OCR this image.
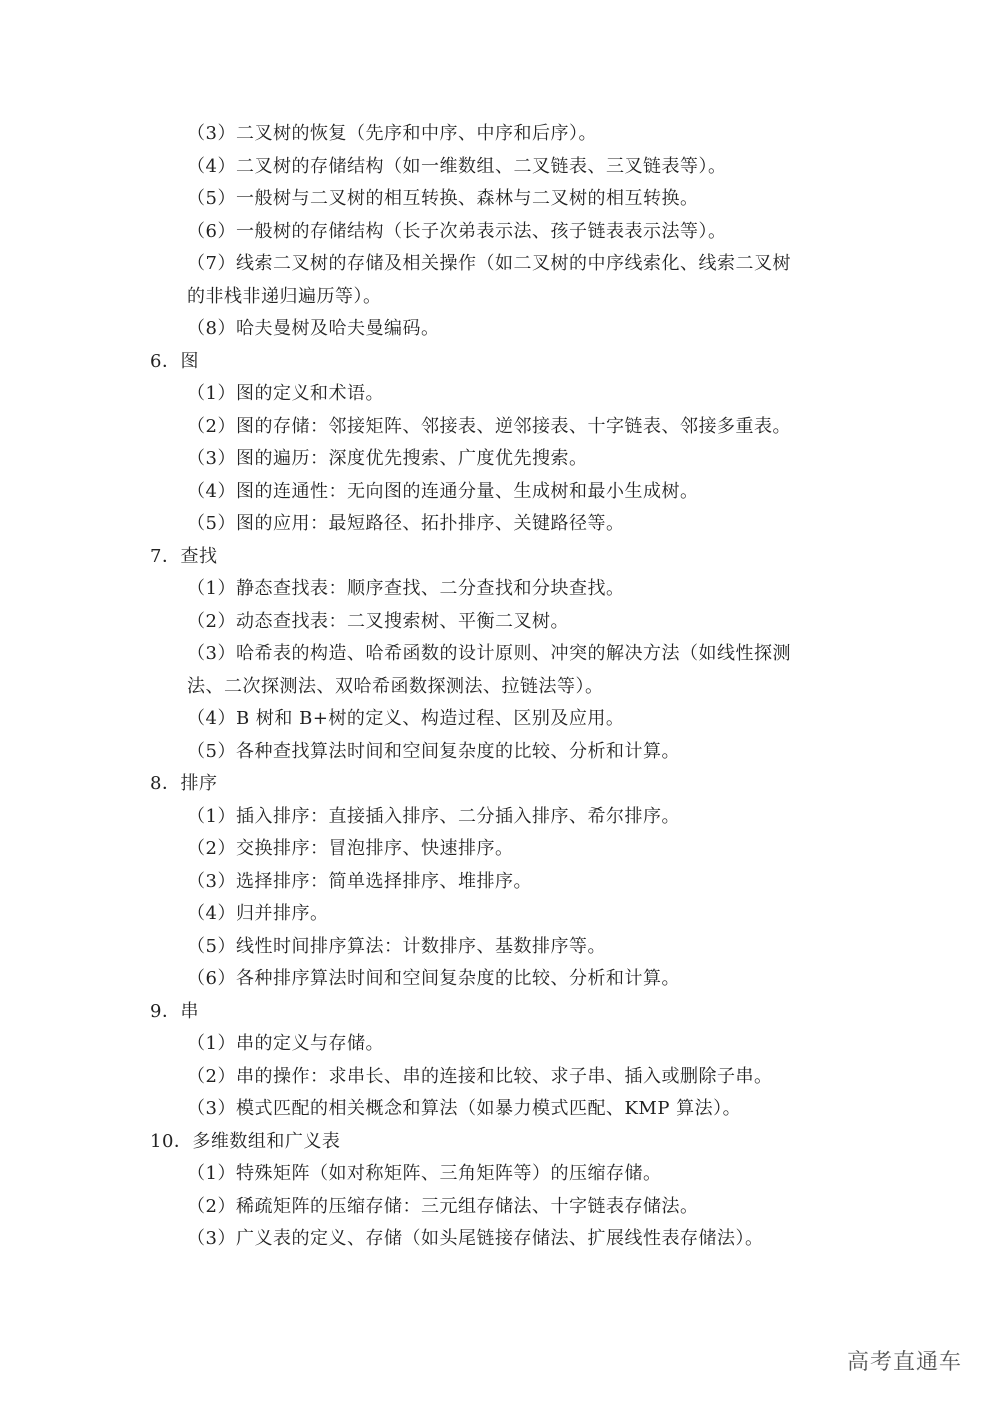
（3）二叉树的恢复（先序和中序、中序和后序）。
（4）二叉树的存储结构（如一维数组、二叉链表、三叉链表等）。
（5）一般树与二叉树的相互转换、森林与二叉树的相互转换。
（6）一般树的存储结构（长子次弟表示法、孩子链表表示法等）。
（7）线索二叉树的存储及相关操作（如二叉树的中序线索化、线索二叉树
的非栈非递归遍历等）。
（8）哈夫曼树及哈夫曼编码。
6．图
（1）图的定义和术语。
（2）图的存储：邻接矩阵、邻接表、逆邻接表、十字链表、邻接多重表。
（3）图的遍历：深度优先搜索、广度优先搜索。
（4）图的连通性：无向图的连通分量、生成树和最小生成树。
（5）图的应用：最短路径、拓扑排序、关键路径等。
7．查找
（1）静态查找表：顺序查找、二分查找和分块查找。
（2）动态查找表：二叉搜索树、平衡二叉树。
（3）哈希表的构造、哈希函数的设计原则、冲突的解决方法（如线性探测
法、二次探测法、双哈希函数探测法、拉链法等）。
（4）B 树和 B+树的定义、构造过程、区别及应用。
（5）各种查找算法时间和空间复杂度的比较、分析和计算。
8．排序
（1）插入排序：直接插入排序、二分插入排序、希尔排序。
（2）交换排序：冒泡排序、快速排序。
（3）选择排序：简单选择排序、堆排序。
（4）归并排序。
（5）线性时间排序算法：计数排序、基数排序等。
（6）各种排序算法时间和空间复杂度的比较、分析和计算。
9．串
（1）串的定义与存储。
（2）串的操作：求串长、串的连接和比较、求子串、插入或删除子串。
（3）模式匹配的相关概念和算法（如暴力模式匹配、KMP 算法）。
10．多维数组和广义表
（1）特殊矩阵（如对称矩阵、三角矩阵等）的压缩存储。
（2）稀疏矩阵的压缩存储：三元组存储法、十字链表存储法。
（3）广义表的定义、存储（如头尾链接存储法、扩展线性表存储法）。
高考直通车
